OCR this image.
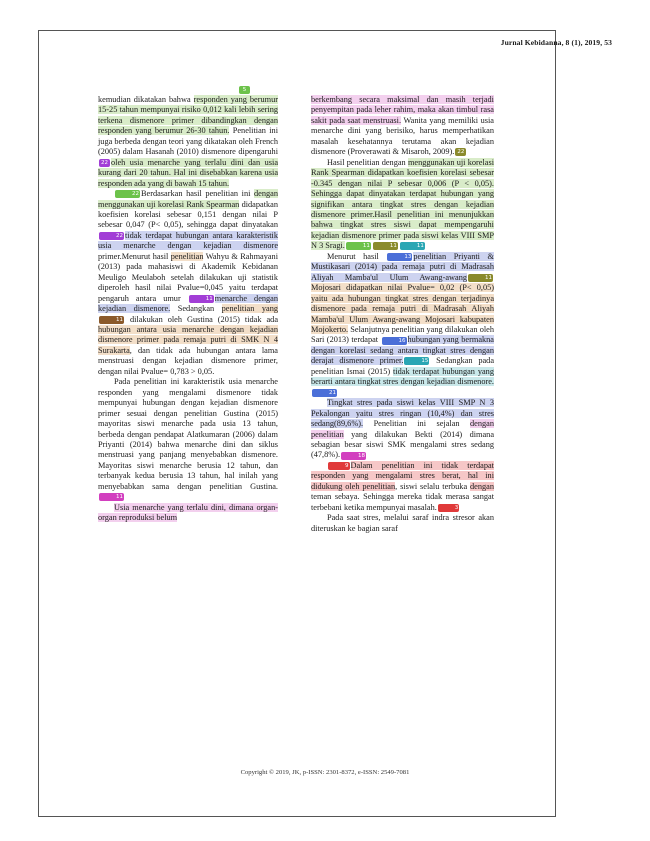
Jurnal Kebidanna, 8 (1), 2019, 53
5

kemudian dikatakan bahwa responden yang berumur 15-25 tahun mempunyai risiko 0,012 kali lebih sering terkena dismenore primer dibandingkan dengan responden yang berumur 26-30 tahun. Penelitian ini juga berbeda dengan teori yang dikatakan oleh French (2005) dalam Hasanah (2010) dismenore dipengaruhi 22 oleh usia menarche yang terlalu dini dan usia kurang dari 20 tahun. Hal ini disebabkan karena usia responden ada yang di bawah 15 tahun.

22 Berdasarkan hasil penelitian ini dengan menggunakan uji korelasi Rank Spearman didapatkan koefisien korelasi sebesar 0,151 dengan nilai P sebesar 0,047 (P< 0,05), sehingga dapat dinyatakan 22 tidak terdapat hubungan antara karakteristik usia menarche dengan kejadian dismenore primer.Menurut hasil penelitian Wahyu & Rahmayani (2013) pada mahasiswi di Akademik Kebidanan Meuligo Meulaboh setelah dilakukan uji statistik diperoleh hasil nilai Pvalue=0,045 yaitu terdapat pengaruh antara umur	11 menarche dengan kejadian dismenore. Sedangkan penelitian yang11 dilakukan oleh Gustina (2015) tidak ada hubungan antara usia menarche dengan kejadian dismenore primer pada remaja putri di SMK N 4 Surakarta, dan tidak ada hubungan antara lama menstruasi dengan kejadian dismenore primer, dengan nilai Pvalue= 0,783 > 0,05.

Pada penelitian ini karakteristik usia menarche responden yang mengalami dismenore tidak mempunyai hubungan dengan kejadian dismenore primer sesuai dengan penelitian Gustina (2015) mayoritas siswi menarche pada usia 13 tahun, berbeda dengan pendapat Alatkumaran (2006) dalam Priyanti (2014) bahwa menarche dini dan siklus menstruasi yang panjang menyebabkan dismenore. Mayoritas siswi menarche berusia 12 tahun, dan terbanyak kedua berusia 13 tahun, hal inilah yang menyebabkan sama dengan penelitian Gustina.11

Usia menarche yang terlalu dini, dimana organ-organ reproduksi belum

berkembang secara maksimal dan masih terjadi penyempitan pada leher rahim, maka akan timbul rasa sakit pada saat menstruasi. Wanita yang memiliki usia menarche dini yang berisiko, harus memperhatikan masalah kesehatannya terutama akan kejadian dismenore (Proverawati & Misaroh, 2009). 22

Hasil penelitian dengan menggunakan uji korelasi Rank Spearman didapatkan koefisien korelasi sebesar -0.345 dengan nilai P sebesar 0,006 (P < 0,05). Sehingga dapat dinyatakan terdapat hubungan yang signifikan antara tingkat stres dengan kejadian dismenore primer.Hasil penelitian ini menunjukkan bahwa tingkat stres siswi dapat mempengaruhi kejadian dismenore primer pada siswi kelas VIII SMP N 3 Sragi.	11	11	11

Menurut hasil	13 penelitian Priyanti & Mustikasari (2014) pada remaja putri di Madrasah Aliyah Mamba'ul Ulum Awang-awang	11 Mojosari didapatkan nilai Pvalue= 0,02 (P< 0,05) yaitu ada hubungan tingkat stres dengan terjadinya dismenore pada remaja putri di Madrasah Aliyah Mamba'ul Ulum Awang-awang Mojosari kabupaten Mojokerto. Selanjutnya penelitian yang dilakukan oleh Sari (2013) terdapat	16 hubungan yang bermakna dengan korelasi sedang antara tingkat stres dengan derajat dismenore primer.	15 Sedangkan pada penelitian Ismai (2015) tidak terdapat hubungan yang berarti antara tingkat stres dengan kejadian dismenore.21

Tingkat stres pada siswi kelas VIII SMP N 3 Pekalongan yaitu stres ringan (10,4%) dan stres sedang(89,6%). Penelitian ini sejalan dengan penelitian yang dilakukan Bekti (2014) dimana sebagian besar siswi SMK mengalami stres sedang (47,8%).	18

9 Dalam penelitian ini tidak terdapat responden yang mengalami stres berat, hal ini didukung oleh penelitian, siswi selalu terbuka dengan teman sebaya. Sehingga mereka tidak merasa sangat terbebani ketika mempunyai masalah.	3

Pada saat stres, melalui saraf indra stresor akan diteruskan ke bagian saraf

Copyright © 2019, JK, p-ISSN: 2301-8372, e-ISSN: 2549-7081
